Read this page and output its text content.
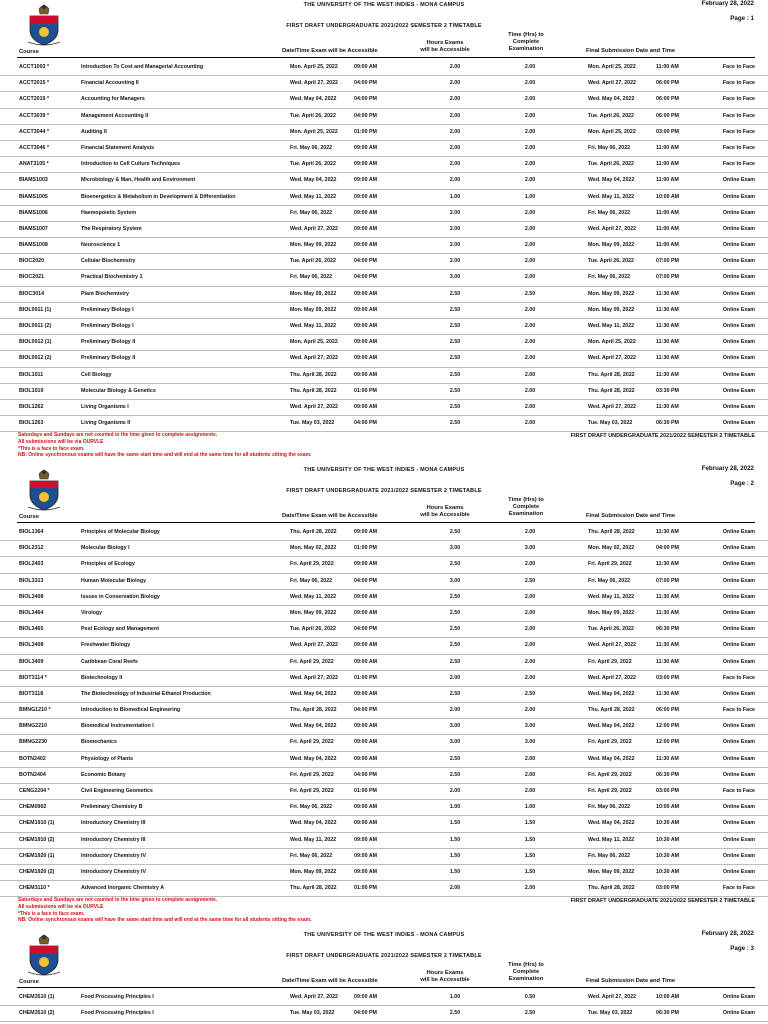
THE UNIVERSITY OF THE WEST INDIES - MONA CAMPUS	February 28, 2022
Page : 1
FIRST DRAFT UNDERGRADUATE 2021/2022 SEMESTER 2 TIMETABLE
Course	Date/Time Exam will be Accessible
Hours Exams
will be Accessible
Time (Hrs) to
Complete
Examination	Final Submission Date and Time
ACCT1003 *	Introduction To Cost and Managerial Accounting	Mon. April 25, 2022	09:00 AM	2.00	2.00	Mon. April 25, 2022	11:00 AM	Face to Face
ACCT2015 *	Financial Accounting II	Wed. April 27, 2022	04:00 PM	2.00	2.00	Wed. April 27, 2022	06:00 PM	Face to Face
ACCT2019 *	Accounting for Managers	Wed. May 04, 2022	04:00 PM	2.00	2.00	Wed. May 04, 2022	06:00 PM	Face to Face
ACCT3039 *	Management Accounting II	Tue. April 26, 2022	04:00 PM	2.00	2.00	Tue. April 26, 2022	06:00 PM	Face to Face
ACCT3044 *	Auditing II	Mon. April 25, 2022	01:00 PM	2.00	2.00	Mon. April 25, 2022	03:00 PM	Face to Face
ACCT3046 *	Financial Statement Analysis	Fri. May 06, 2022	09:00 AM	2.00	2.00	Fri. May 06, 2022	11:00 AM	Face to Face
ANAT3105 *	Introduction to Cell Culture Techniques	Tue. April 26, 2022	09:00 AM	2.00	2.00	Tue. April 26, 2022	11:00 AM	Face to Face
BIAMS1003	Microbiology & Man, Health and Environment	Wed. May 04, 2022	09:00 AM	2.00	2.00	Wed. May 04, 2022	11:00 AM	Online Exam
BIAMS1005	Bioenergetics & Metabolism in Development & Differentiation	Wed. May 11, 2022	09:00 AM	1.00	1.00	Wed. May 11, 2022	10:00 AM	Online Exam
BIAMS1006	Haemopoietic System	Fri. May 06, 2022	09:00 AM	2.00	2.00	Fri. May 06, 2022	11:00 AM	Online Exam
BIAMS1007	The Respiratory System	Wed. April 27, 2022	09:00 AM	2.00	2.00	Wed. April 27, 2022	11:00 AM	Online Exam
BIAMS1008	Neuroscience 1	Mon. May 09, 2022	09:00 AM	2.00	2.00	Mon. May 09, 2022	11:00 AM	Online Exam
BIOC2020	Cellular Biochemistry	Tue. April 26, 2022	04:00 PM	2.00	2.00	Tue. April 26, 2022	07:00 PM	Online Exam
BIOC2021	Practical Biochemistry 1	Fri. May 06, 2022	04:00 PM	3.00	2.00	Fri. May 06, 2022	07:00 PM	Online Exam
BIOC3014	Plant Biochemistry	Mon. May 09, 2022	09:00 AM	2.50	2.50	Mon. May 09, 2022	11:30 AM	Online Exam
BIOL0011 (1)	Preliminary Biology I	Mon. May 09, 2022	09:00 AM	2.50	2.00	Mon. May 09, 2022	11:30 AM	Online Exam
BIOL0011 (2)	Preliminary Biology I	Wed. May 11, 2022	09:00 AM	2.50	2.00	Wed. May 11, 2022	11:30 AM	Online Exam
BIOL0012 (1)	Preliminary Biology II	Mon. April 25, 2022	09:00 AM	2.50	2.00	Mon. April 25, 2022	11:30 AM	Online Exam
BIOL0012 (2)	Preliminary Biology II	Wed. April 27, 2022	09:00 AM	2.50	2.00	Wed. April 27, 2022	11:30 AM	Online Exam
BIOL1011	Cell Biology	Thu. April 28, 2022	09:00 AM	2.50	2.00	Thu. April 28, 2022	11:30 AM	Online Exam
BIOL1019	Molecular Biology & Genetics	Thu. April 28, 2022	01:00 PM	2.50	2.00	Thu. April 28, 2022	03:30 PM	Online Exam
BIOL1262	Living Organisms I	Wed. April 27, 2022	09:00 AM	2.50	2.00	Wed. April 27, 2022	11:30 AM	Online Exam
BIOL1263	Living Organisms II	Tue. May 03, 2022	04:00 PM	2.50	2.00	Tue. May 03, 2022	06:30 PM	Online Exam
Saturdays and Sundays are not counted in the time given to complete assignments.
All submissions will be via OURVLE
*This is a face to face exam.
NB: Online synchronous exams will have the same start time and will end at the same time for all students sitting the exam.
FIRST DRAFT UNDERGRADUATE 2021/2022 SEMESTER 2 TIMETABLE
THE UNIVERSITY OF THE WEST INDIES - MONA CAMPUS	February 28, 2022
Page : 2
FIRST DRAFT UNDERGRADUATE 2021/2022 SEMESTER 2 TIMETABLE
Course	Date/Time Exam will be Accessible
Hours Exams
will be Accessible
Time (Hrs) to
Complete
Examination	Final Submission Date and Time
BIOL1364	Principles of Molecular Biology	Thu. April 28, 2022	09:00 AM	2.50	2.00	Thu. April 28, 2022	11:30 AM	Online Exam
BIOL2312	Molecular Biology I	Mon. May 02, 2022	01:00 PM	3.00	3.00	Mon. May 02, 2022	04:00 PM	Online Exam
BIOL2403	Principles of Ecology	Fri. April 29, 2022	09:00 AM	2.50	2.00	Fri. April 29, 2022	11:30 AM	Online Exam
BIOL3313	Human Molecular Biology	Fri. May 06, 2022	04:00 PM	3.00	2.50	Fri. May 06, 2022	07:00 PM	Online Exam
BIOL3408	Issues in Conservation Biology	Wed. May 11, 2022	09:00 AM	2.50	2.00	Wed. May 11, 2022	11:30 AM	Online Exam
BIOL3464	Virology	Mon. May 09, 2022	09:00 AM	2.50	2.00	Mon. May 09, 2022	11:30 AM	Online Exam
BIOL3465	Pest Ecology and Management	Tue. April 26, 2022	04:00 PM	2.50	2.00	Tue. April 26, 2022	06:30 PM	Online Exam
BIOL3408	Freshwater Biology	Wed. April 27, 2022	09:00 AM	2.50	2.00	Wed. April 27, 2022	11:30 AM	Online Exam
BIOL3409	Caribbean Coral Reefs	Fri. April 29, 2022	09:00 AM	2.50	2.00	Fri. April 29, 2022	11:30 AM	Online Exam
BIOT3114 *	Biotechnology II	Wed. April 27, 2022	01:00 PM	2.00	2.00	Wed. April 27, 2022	03:00 PM	Face to Face
BIOT3118	The Biotechnology of Industrial Ethanol Production	Wed. May 04, 2022	09:00 AM	2.50	2.50	Wed. May 04, 2022	11:30 AM	Online Exam
BMNG1210 *	Introduction to Biomedical Engineering	Thu. April 28, 2022	04:00 PM	2.00	2.00	Thu. April 28, 2022	06:00 PM	Face to Face
BMNG2210	Biomedical Instrumentation I	Wed. May 04, 2022	09:00 AM	3.00	3.00	Wed. May 04, 2022	12:00 PM	Online Exam
BMNG2230	Biomechanics	Fri. April 29, 2022	09:00 AM	3.00	3.00	Fri. April 29, 2022	12:00 PM	Online Exam
BOTN2402	Physiology of Plants	Wed. May 04, 2022	09:00 AM	2.50	2.00	Wed. May 04, 2022	11:30 AM	Online Exam
BOTN2404	Economic Botany	Fri. April 29, 2022	04:00 PM	2.50	2.00	Fri. April 29, 2022	06:30 PM	Online Exam
CENG2204 *	Civil Engineering Geometics	Fri. April 29, 2022	01:00 PM	2.00	2.00	Fri. April 29, 2022	03:00 PM	Face to Face
CHEM0902	Preliminary Chemistry B	Fri. May 06, 2022	09:00 AM	1.00	1.00	Fri. May 06, 2022	10:00 AM	Online Exam
CHEM1910 (1)	Introductory Chemistry III	Wed. May 04, 2022	09:00 AM	1.50	1.50	Wed. May 04, 2022	10:30 AM	Online Exam
CHEM1910 (2)	Introductory Chemistry III	Wed. May 11, 2022	09:00 AM	1.50	1.50	Wed. May 11, 2022	10:30 AM	Online Exam
CHEM1920 (1)	Introductory Chemistry IV	Fri. May 06, 2022	09:00 AM	1.50	1.50	Fri. May 06, 2022	10:30 AM	Online Exam
CHEM1920 (2)	Introductory Chemistry IV	Mon. May 09, 2022	09:00 AM	1.50	1.50	Mon. May 09, 2022	10:30 AM	Online Exam
CHEM3110 *	Advanced Inorganic Chemistry A	Thu. April 28, 2022	01:00 PM	2.00	2.00	Thu. April 28, 2022	03:00 PM	Face to Face
Saturdays and Sundays are not counted in the time given to complete assignments.
All submissions will be via OURVLE
*This is a face to face exam.
NB: Online synchronous exams will have the same start time and will end at the same time for all students sitting the exam.
FIRST DRAFT UNDERGRADUATE 2021/2022 SEMESTER 2 TIMETABLE
THE UNIVERSITY OF THE WEST INDIES - MONA CAMPUS	February 28, 2022
Page : 3
FIRST DRAFT UNDERGRADUATE 2021/2022 SEMESTER 2 TIMETABLE
Course	Date/Time Exam will be Accessible
Hours Exams
will be Accessible
Time (Hrs) to
Complete
Examination	Final Submission Date and Time
CHEM3510 (1)	Food Processing Principles I	Wed. April 27, 2022	09:00 AM	1.00	0.50	Wed. April 27, 2022	10:00 AM	Online Exam
CHEM3510 (2)	Food Processing Principles I	Tue. May 03, 2022	04:00 PM	2.50	2.50	Tue. May 03, 2022	06:30 PM	Online Exam
